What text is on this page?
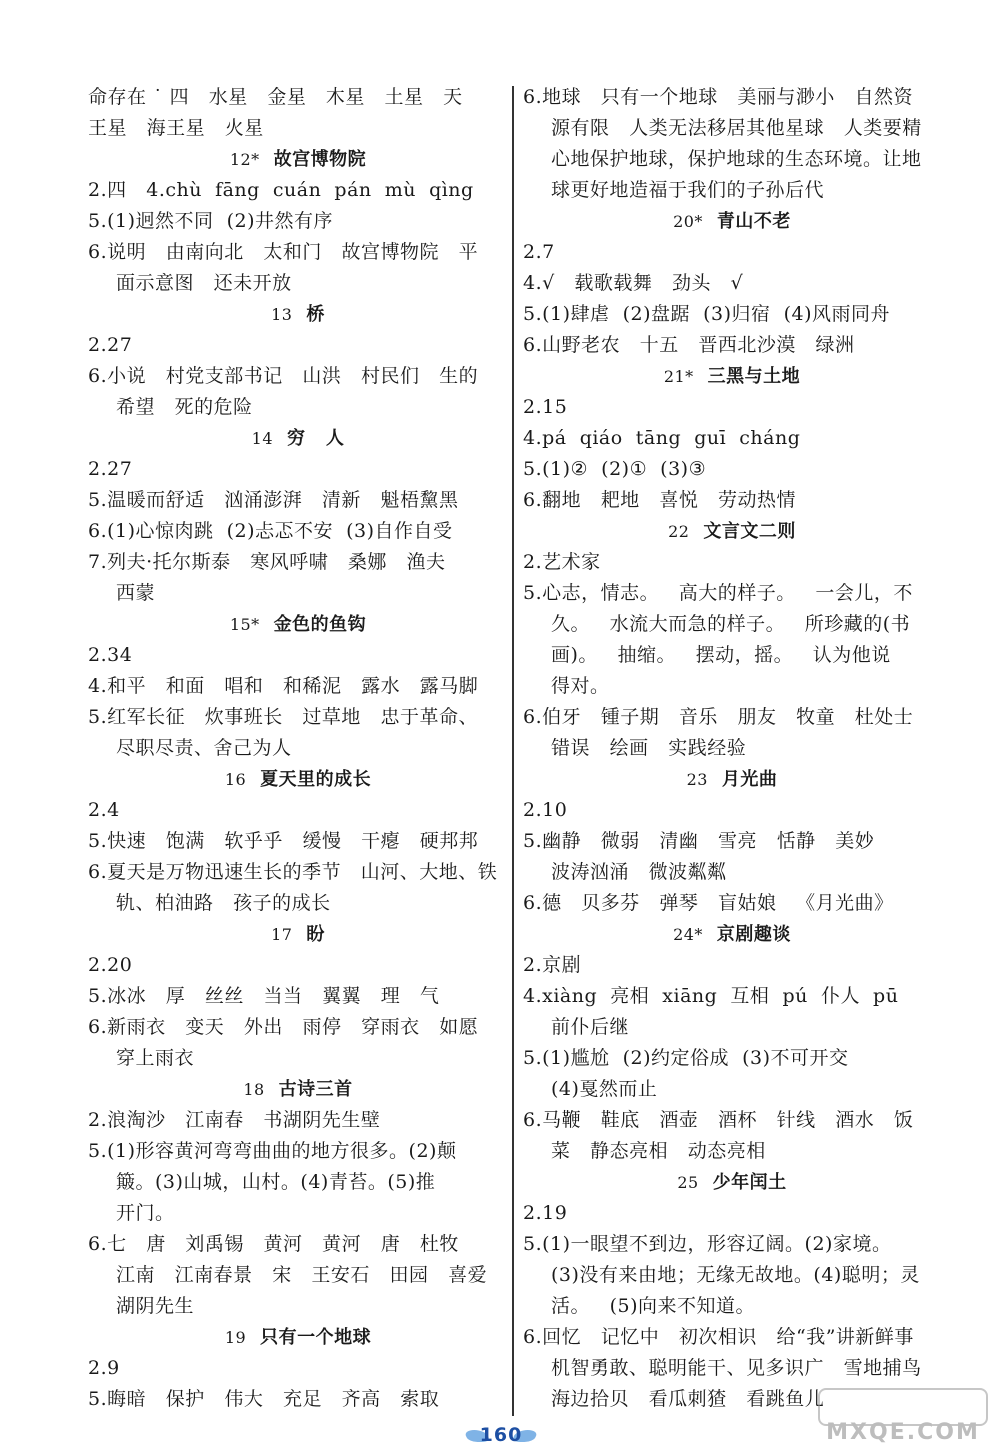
命存在 ˙ 四   水星   金星   木星   土星   天
王星   海王星   火星
12* 故宫博物院
2.四   4.chù  fāng  cuán  pán  mù  qìng
5.(1)迥然不同  (2)井然有序
6.说明   由南向北   太和门   故宫博物院   平
面示意图   还未开放
13 桥
2.27
6.小说   村党支部书记   山洪   村民们   生的
希望   死的危险
14 穷   人
2.27
5.温暖而舒适   汹涌澎湃   清新   魁梧黧黑
6.(1)心惊肉跳  (2)忐忑不安  (3)自作自受
7.列夫·托尔斯泰   寒风呼啸   桑娜   渔夫
西蒙
15* 金色的鱼钩
2.34
4.和平   和面   唱和   和稀泥   露水   露马脚
5.红军长征   炊事班长   过草地   忠于革命、
尽职尽责、舍己为人
16 夏天里的成长
2.4
5.快速   饱满   软乎乎   缓慢   干瘪   硬邦邦
6.夏天是万物迅速生长的季节   山河、大地、铁
轨、柏油路   孩子的成长
17 盼
2.20
5.冰冰   厚   丝丝   当当   翼翼   理   气
6.新雨衣   变天   外出   雨停   穿雨衣   如愿
穿上雨衣
18 古诗三首
2.浪淘沙   江南春   书湖阴先生壁
5.(1)形容黄河弯弯曲曲的地方很多。(2)颠
簸。(3)山城，山村。(4)青苔。(5)推
开门。
6.七   唐   刘禹锡   黄河   黄河   唐   杜牧
江南   江南春景   宋   王安石   田园   喜爱
湖阴先生
19 只有一个地球
2.9
5.晦暗   保护   伟大   充足   齐高   索取
6.地球   只有一个地球   美丽与渺小   自然资
源有限   人类无法移居其他星球   人类要精
心地保护地球，保护地球的生态环境。让地
球更好地造福于我们的子孙后代
20* 青山不老
2.7
4.√   载歌载舞   劲头   √
5.(1)肆虐  (2)盘踞  (3)归宿  (4)风雨同舟
6.山野老农   十五   晋西北沙漠   绿洲
21* 三黑与土地
2.15
4.pá  qiáo  tāng  guī  cháng
5.(1)②  (2)①  (3)③
6.翻地   耙地   喜悦   劳动热情
22 文言文二则
2.艺术家
5.心志，情志。   高大的样子。   一会儿，不
久。   水流大而急的样子。   所珍藏的(书
画)。   抽缩。   摆动，摇。   认为他说
得对。
6.伯牙   锺子期   音乐   朋友   牧童   杜处士
错误   绘画   实践经验
23 月光曲
2.10
5.幽静   微弱   清幽   雪亮   恬静   美妙
波涛汹涌   微波粼粼
6.德   贝多芬   弹琴   盲姑娘   《月光曲》
24* 京剧趣谈
2.京剧
4.xiàng  亮相  xiāng  互相  pú  仆人  pū
前仆后继
5.(1)尴尬  (2)约定俗成  (3)不可开交
(4)戛然而止
6.马鞭   鞋底   酒壶   酒杯   针线   酒水   饭
菜   静态亮相   动态亮相
25 少年闰土
2.19
5.(1)一眼望不到边，形容辽阔。(2)家境。
(3)没有来由地；无缘无故地。(4)聪明；灵
活。   (5)向来不知道。
6.回忆   记忆中   初次相识   给“我”讲新鲜事
机智勇敢、聪明能干、见多识广   雪地捕鸟
海边拾贝   看瓜刺猹   看跳鱼儿
160	MXQE.COM
